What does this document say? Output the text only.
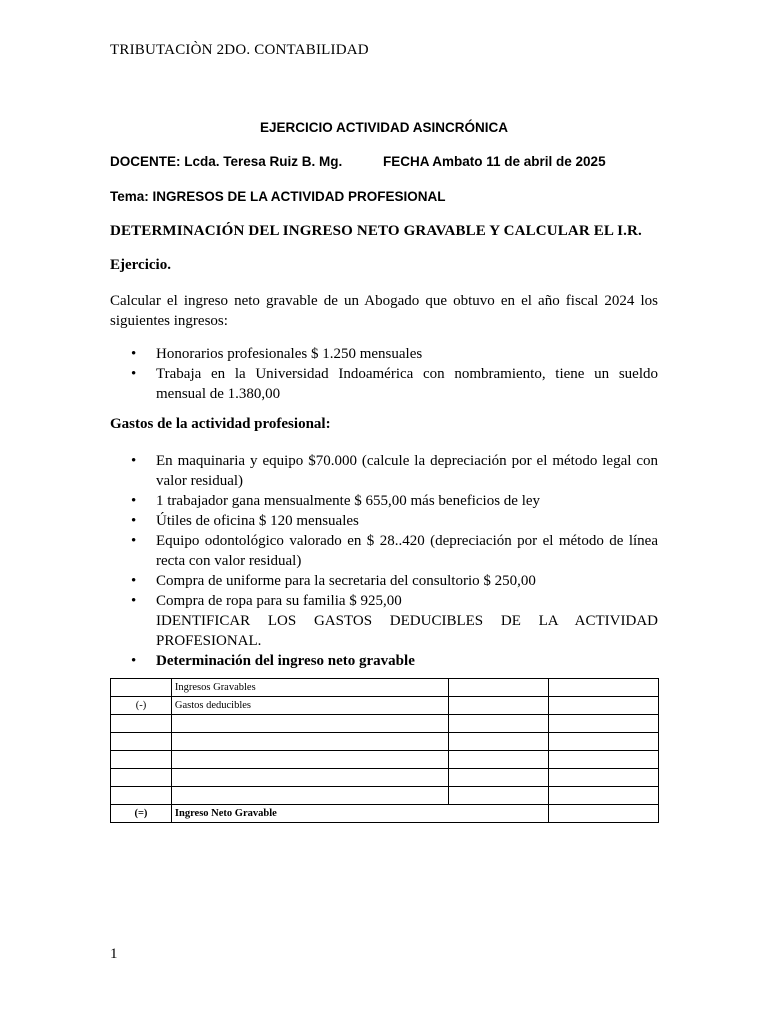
TRIBUTACIÒN 2DO. CONTABILIDAD
EJERCICIO ACTIVIDAD ASINCRÓNICA
DOCENTE: Lcda. Teresa Ruiz B. Mg.	FECHA Ambato 11 de abril de 2025
Tema: INGRESOS DE LA ACTIVIDAD PROFESIONAL
DETERMINACIÓN DEL INGRESO NETO GRAVABLE Y CALCULAR EL I.R.
Ejercicio.
Calcular el ingreso neto gravable de un Abogado que obtuvo en el año fiscal 2024 los siguientes ingresos:
• Honorarios profesionales $ 1.250 mensuales
• Trabaja en la Universidad Indoamérica con nombramiento, tiene un sueldo mensual de 1.380,00
Gastos de la actividad profesional:
• En maquinaria y equipo $70.000 (calcule la depreciación por el método legal con valor residual)
• 1 trabajador gana mensualmente $ 655,00 más beneficios de ley
• Útiles de oficina $ 120 mensuales
• Equipo odontológico valorado en $ 28..420 (depreciación por el método de línea recta con valor residual)
• Compra de uniforme para la secretaria del consultorio $ 250,00
• Compra de ropa para su familia $ 925,00
IDENTIFICAR LOS GASTOS DEDUCIBLES DE LA ACTIVIDAD PROFESIONAL.
• Determinación del ingreso neto gravable
	Ingresos Gravables		
(-)	Gastos deducibles		

(=)	Ingreso Neto Gravable		
1
